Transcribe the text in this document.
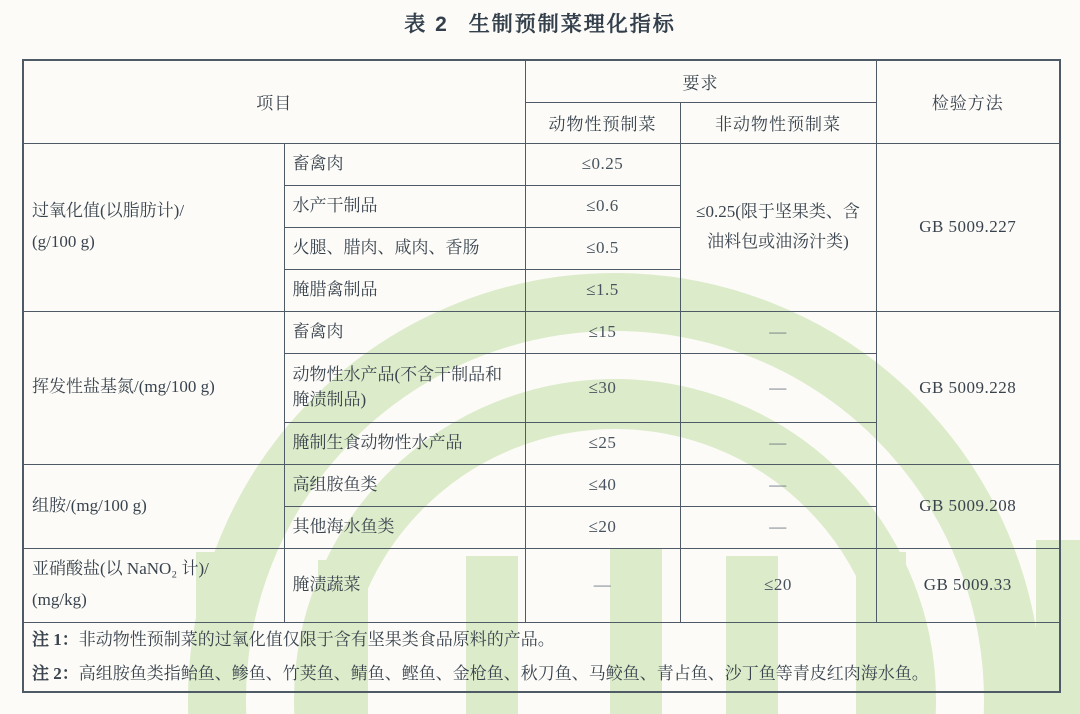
表 2 生制预制菜理化指标
项目		要求		检验方法
		动物性预制菜	非动物性预制菜	

过氧化值(以脂肪计)/
(g/100 g)	畜禽肉	≤0.25	≤0.25(限于坚果类、含油料包或油汤汁类)	GB 5009.227
	水产干制品	≤0.6		
	火腿、腊肉、咸肉、香肠	≤0.5		
	腌腊禽制品	≤1.5		

挥发性盐基氮/(mg/100 g)	畜禽肉	≤15	—	GB 5009.228
	动物性水产品(不含干制品和腌渍制品)	≤30	—	
	腌制生食动物性水产品	≤25	—	

组胺/(mg/100 g)	高组胺鱼类	≤40	—	GB 5009.208
	其他海水鱼类	≤20	—	

亚硝酸盐(以 NaNO₂ 计)/
(mg/kg)	腌渍蔬菜	—	≤20	GB 5009.33

注 1：非动物性预制菜的过氧化值仅限于含有坚果类食品原料的产品。
注 2：高组胺鱼类指鲐鱼、鲹鱼、竹荚鱼、鲭鱼、鲣鱼、金枪鱼、秋刀鱼、马鲛鱼、青占鱼、沙丁鱼等青皮红肉海水鱼。				
